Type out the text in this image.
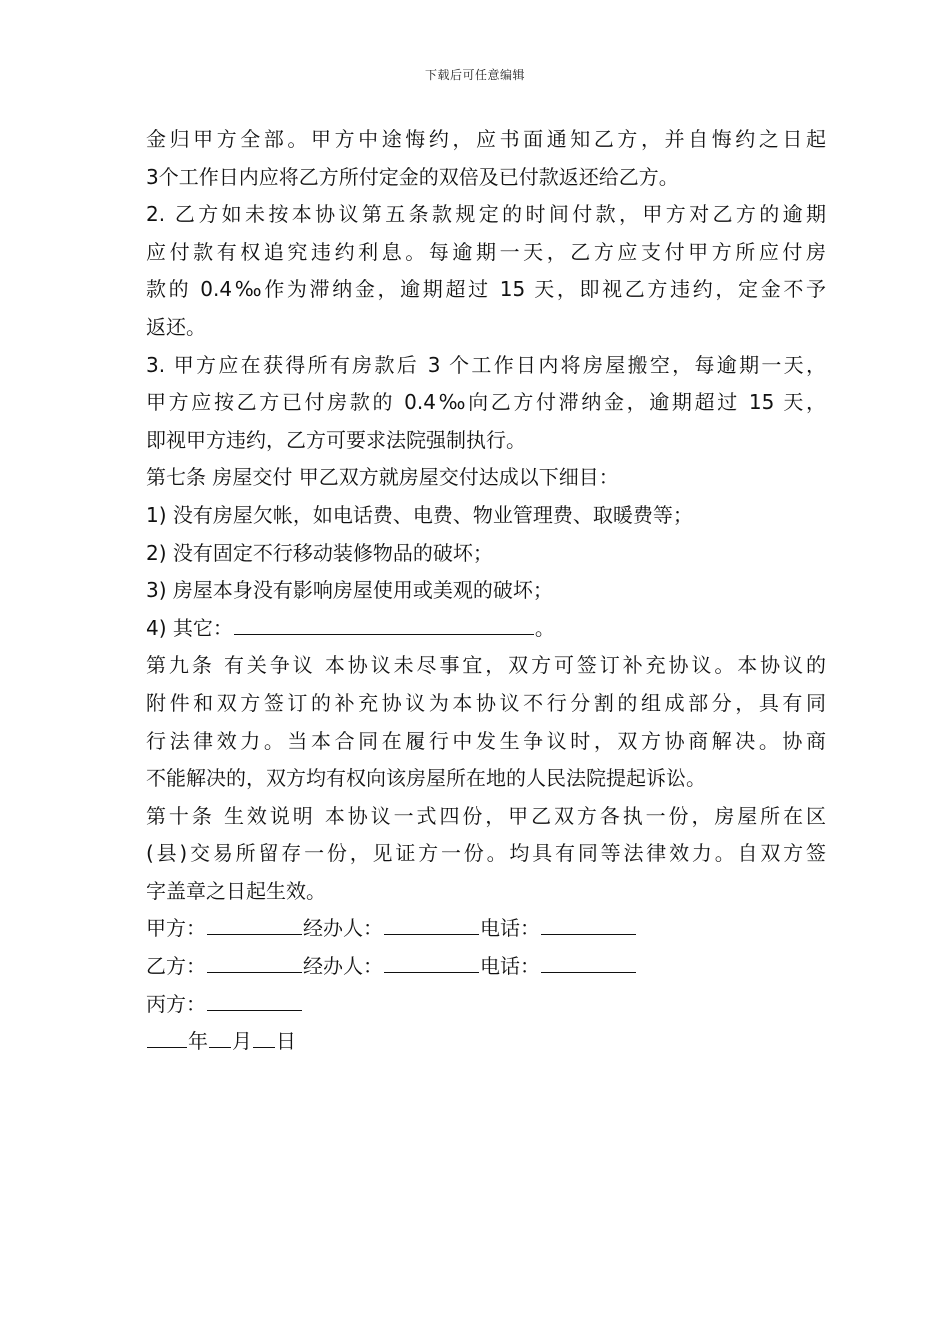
下载后可任意编辑
金归甲方全部。甲方中途悔约，应书面通知乙方，并自悔约之日起
3个工作日内应将乙方所付定金的双倍及已付款返还给乙方。
2. 乙方如未按本协议第五条款规定的时间付款，甲方对乙方的逾期
应付款有权追究违约利息。每逾期一天，乙方应支付甲方所应付房
款的 0.4‰作为滞纳金，逾期超过 15 天，即视乙方违约，定金不予
返还。
3. 甲方应在获得所有房款后 3 个工作日内将房屋搬空，每逾期一天，
甲方应按乙方已付房款的 0.4‰向乙方付滞纳金，逾期超过 15 天，
即视甲方违约，乙方可要求法院强制执行。
第七条 房屋交付 甲乙双方就房屋交付达成以下细目：
1) 没有房屋欠帐，如电话费、电费、物业管理费、取暖费等；
2) 没有固定不行移动装修物品的破坏；
3) 房屋本身没有影响房屋使用或美观的破坏；
4) 其它：	。
第九条 有关争议 本协议未尽事宜，双方可签订补充协议。本协议的
附件和双方签订的补充协议为本协议不行分割的组成部分，具有同
行法律效力。当本合同在履行中发生争议时，双方协商解决。协商
不能解决的，双方均有权向该房屋所在地的人民法院提起诉讼。
第十条 生效说明 本协议一式四份，甲乙双方各执一份，房屋所在区
(县)交易所留存一份，见证方一份。均具有同等法律效力。自双方签
字盖章之日起生效。
甲方：	经办人：	电话：
乙方：	经办人：	电话：
丙方：
年 月 日
